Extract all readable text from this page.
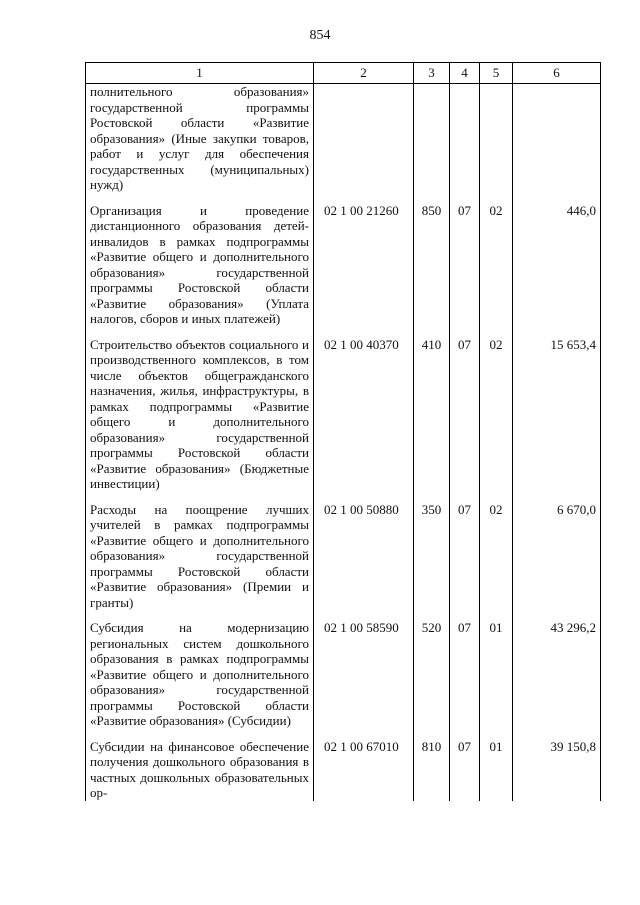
854
1	2	3	4	5	6
полнительного образования» государственной программы Ростовской области «Развитие образования» (Иные закупки товаров, работ и услуг для обеспечения государственных (муниципальных) нужд)					
Организация и проведение дистанционного образования детей-инвалидов в рамках подпрограммы «Развитие общего и дополнительного образования» государственной программы Ростовской области «Развитие образования» (Уплата налогов, сборов и иных платежей)	02 1 00 21260	850	07	02	446,0
Строительство объектов социального и производственного комплексов, в том числе объектов общегражданского назначения, жилья, инфраструктуры, в рамках подпрограммы «Развитие общего и дополнительного образования» государственной программы Ростовской области «Развитие образования» (Бюджетные инвестиции)	02 1 00 40370	410	07	02	15 653,4
Расходы на поощрение лучших учителей в рамках подпрограммы «Развитие общего и дополнительного образования» государственной программы Ростовской области «Развитие образования» (Премии и гранты)	02 1 00 50880	350	07	02	6 670,0
Субсидия на модернизацию региональных систем дошкольного образования в рамках подпрограммы «Развитие общего и дополнительного образования» государственной программы Ростовской области «Развитие образования» (Субсидии)	02 1 00 58590	520	07	01	43 296,2
Субсидии на финансовое обеспечение получения дошкольного образования в частных дошкольных образовательных ор-	02 1 00 67010	810	07	01	39 150,8
